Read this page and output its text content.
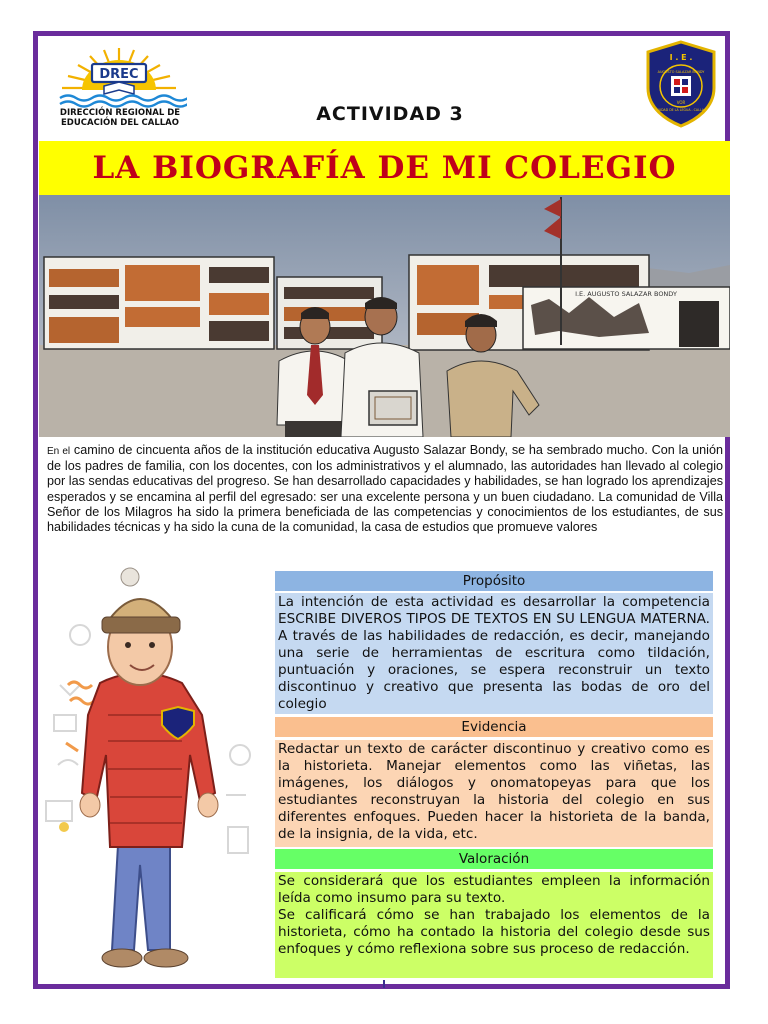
DREC
DIRECCIÓN REGIONAL DE
EDUCACIÓN DEL CALLAO	ACTIVIDAD 3
I . E .
AUGUSTO SALAZAR BONDY
VOR
CIUDAD DE LA LEGUA - CALLAO
LA BIOGRAFÍA DE MI COLEGIO
I.E. AUGUSTO SALAZAR BONDY
En el camino de cincuenta años de la institución educativa Augusto Salazar Bondy, se ha sembrado mucho. Con la unión de los padres de familia, con los docentes, con los administrativos y el alumnado, las autoridades han llevado al colegio por las sendas educativas del progreso. Se han desarrollado capacidades y habilidades, se han logrado los aprendizajes esperados y se encamina al perfil del egresado: ser una excelente persona y un buen ciudadano. La comunidad de Villa Señor de los Milagros ha sido la primera beneficiada de las competencias y conocimientos de los estudiantes, de sus habilidades técnicas y ha sido la cuna de la comunidad, la casa de estudios que promueve valores
Propósito
La intención de esta actividad es desarrollar la competencia ESCRIBE DIVEROS TIPOS DE TEXTOS EN SU LENGUA MATERNA. A través de las habilidades de redacción, es decir, manejando una serie de herramientas de escritura como tildación, puntuación y oraciones, se espera reconstruir un texto discontinuo y creativo que presenta las bodas de oro del colegio
Evidencia
Redactar un texto de carácter discontinuo y creativo como es la historieta. Manejar elementos como las viñetas, las imágenes, los diálogos y onomatopeyas para que los estudiantes reconstruyan la historia del colegio en sus diferentes enfoques. Pueden hacer la historieta de la banda, de la insignia, de la vida, etc.
Valoración
Se considerará que los estudiantes empleen la información leída como insumo para su texto.
Se calificará cómo se han trabajado los elementos de la historieta, cómo ha contado la historia del colegio desde sus enfoques y cómo reflexiona sobre sus proceso de redacción.
